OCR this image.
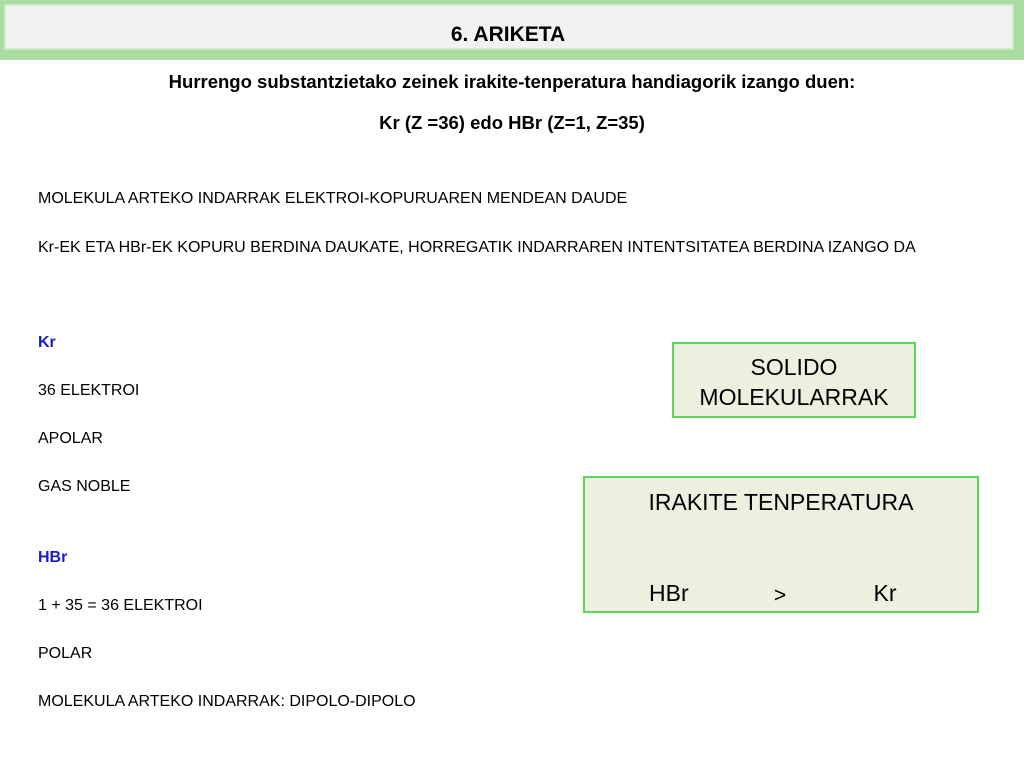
6. ARIKETA
Hurrengo substantzietako zeinek irakite-tenperatura handiagorik izango duen:
Kr (Z =36) edo HBr (Z=1, Z=35)
MOLEKULA ARTEKO INDARRAK ELEKTROI-KOPURUAREN MENDEAN DAUDE
Kr-EK ETA HBr-EK KOPURU BERDINA DAUKATE, HORREGATIK INDARRAREN INTENTSITATEA BERDINA IZANGO DA
Kr
36 ELEKTROI
APOLAR
GAS NOBLE
HBr
1 + 35 = 36 ELEKTROI
POLAR
MOLEKULA ARTEKO INDARRAK: DIPOLO-DIPOLO
SOLIDO
MOLEKULARRAK
IRAKITE TENPERATURA
HBr	>	Kr
